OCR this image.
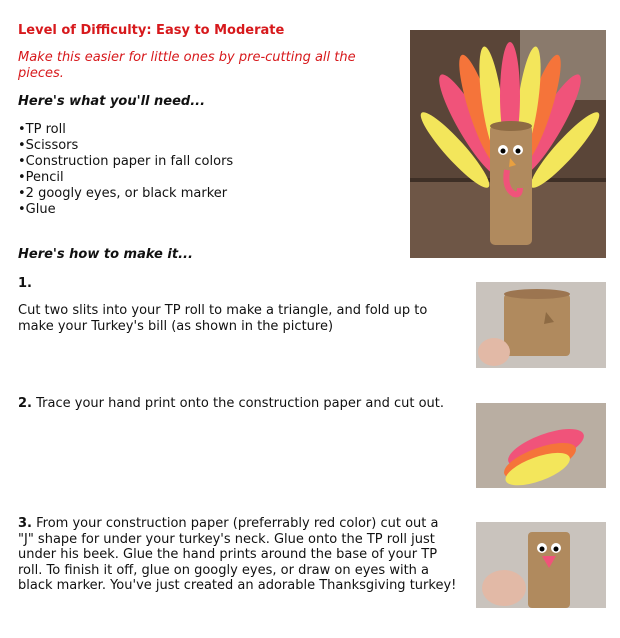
Level of Difficulty: Easy to Moderate
Make this easier for little ones by pre-cutting all the pieces.
Here's what you'll need...
•TP roll
•Scissors
•Construction paper in fall colors
•Pencil
•2 googly eyes, or black marker
•Glue
Here's how to make it...
1.
Cut two slits into your TP roll to make a triangle, and fold up to make your Turkey's bill (as shown in the picture)
2. Trace your hand print onto the construction paper and cut out.
3. From your construction paper (preferrably red color) cut out a "J" shape for under your turkey's neck. Glue onto the TP roll just under his beek. Glue the hand prints around the base of your TP roll. To finish it off, glue on googly eyes, or draw on eyes with a black marker. You've just created an adorable Thanksgiving turkey!
